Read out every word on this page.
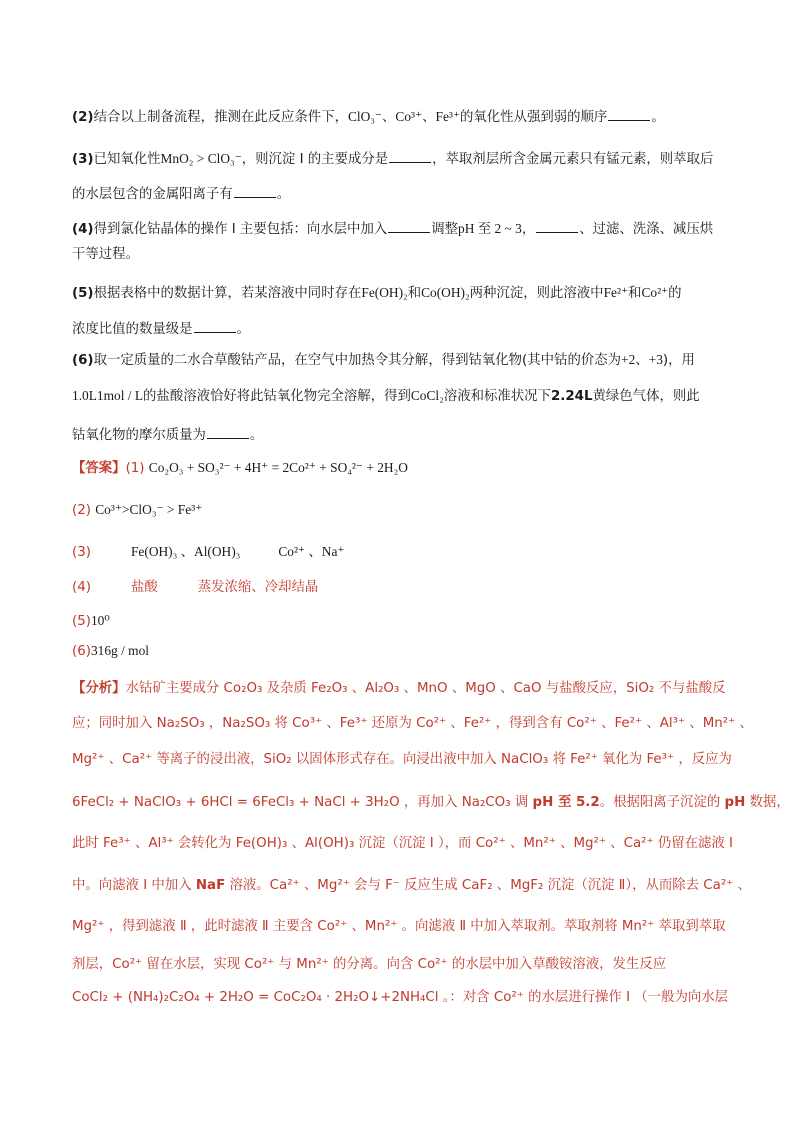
(2)结合以上制备流程，推测在此反应条件下，ClO₃⁻、Co³⁺、Fe³⁺的氧化性从强到弱的顺序	。
(3)已知氧化性MnO₂ > ClO₃⁻，则沉淀 I 的主要成分是	，萃取剂层所含金属元素只有锰元素，则萃取后
的水层包含的金属阳离子有	。
(4)得到氯化钴晶体的操作 I 主要包括：向水层中加入	调整pH 至 2 ~ 3，	、过滤、洗涤、减压烘
干等过程。
(5)根据表格中的数据计算，若某溶液中同时存在Fe(OH)₂和Co(OH)₂两种沉淀，则此溶液中Fe²⁺和Co²⁺的
浓度比值的数量级是	。
(6)取一定质量的二水合草酸钴产品，在空气中加热令其分解，得到钴氧化物(其中钴的价态为+2、+3)，用
1.0L1mol / L的盐酸溶液恰好将此钴氧化物完全溶解，得到CoCl₂溶液和标准状况下2.24L黄绿色气体，则此
钴氧化物的摩尔质量为	。
【答案】(1) Co₂O₃ + SO₃²⁻ + 4H⁺ = 2Co²⁺ + SO₄²⁻ + 2H₂O
(2) Co³⁺>ClO₃⁻ > Fe³⁺
(3)	Fe(OH)₃ 、Al(OH)₃	Co²⁺ 、Na⁺
(4)	盐酸	蒸发浓缩、冷却结晶
(5)10⁰
(6)316g / mol
【分析】水钴矿主要成分 Co₂O₃ 及杂质 Fe₂O₃ 、Al₂O₃ 、MnO 、MgO 、CaO 与盐酸反应，SiO₂ 不与盐酸反
应；同时加入 Na₂SO₃ ，Na₂SO₃ 将 Co³⁺ 、Fe³⁺ 还原为 Co²⁺ 、Fe²⁺ ，得到含有 Co²⁺ 、Fe²⁺ 、Al³⁺ 、Mn²⁺ 、
Mg²⁺ 、Ca²⁺ 等离子的浸出液，SiO₂ 以固体形式存在。向浸出液中加入 NaClO₃ 将 Fe²⁺ 氧化为 Fe³⁺ ，反应为
6FeCl₂ + NaClO₃ + 6HCl = 6FeCl₃ + NaCl + 3H₂O ，再加入 Na₂CO₃ 调 pH 至 5.2。根据阳离子沉淀的 pH 数据，
此时 Fe³⁺ 、Al³⁺ 会转化为 Fe(OH)₃ 、Al(OH)₃ 沉淀（沉淀 Ⅰ ），而 Co²⁺ 、Mn²⁺ 、Mg²⁺ 、Ca²⁺ 仍留在滤液 Ⅰ
中。向滤液 Ⅰ 中加入 NaF 溶液。Ca²⁺ 、Mg²⁺ 会与 F⁻ 反应生成 CaF₂ 、MgF₂ 沉淀（沉淀 Ⅱ），从而除去 Ca²⁺ 、
Mg²⁺ ，得到滤液 Ⅱ ，此时滤液 Ⅱ 主要含 Co²⁺ 、Mn²⁺ 。向滤液 Ⅱ 中加入萃取剂。萃取剂将 Mn²⁺ 萃取到萃取
剂层，Co²⁺ 留在水层，实现 Co²⁺ 与 Mn²⁺ 的分离。向含 Co²⁺ 的水层中加入草酸铵溶液，发生反应
CoCl₂ + (NH₄)₂C₂O₄ + 2H₂O = CoC₂O₄ · 2H₂O↓+2NH₄Cl 。：对含 Co²⁺ 的水层进行操作 Ⅰ （一般为向水层
